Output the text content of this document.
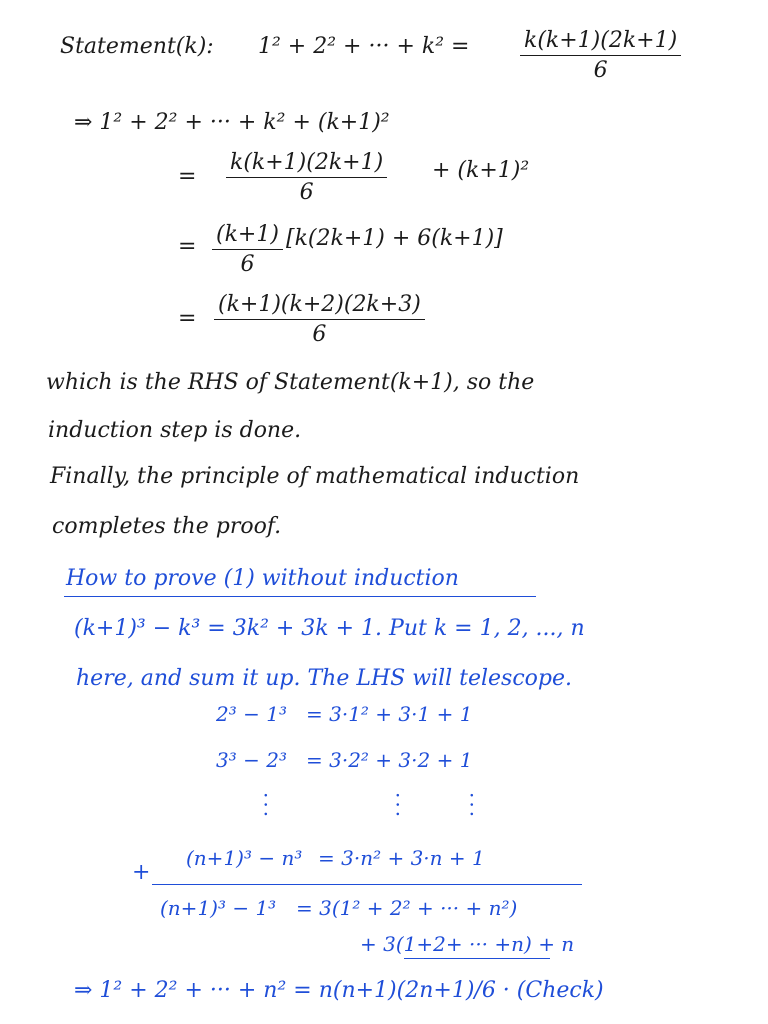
Statement(k): 1² + 2² + ··· + $k^2 = \frac{k(k+1)(2k+1)}{6}$
⇒ 1² + 2² + ··· + k² + (k+1)²
= $\frac{k(k+1)(2k+1)}{6} + (k+1)^2$
= $\frac{(k+1)}{6} [k(2k+1) + 6(k+1)]$
= $\frac{(k+1)(k+2)(2k+3)}{6}$
which is the RHS of Statement(k+1), so the
induction step is done.
Finally, the principle of mathematical induction
completes the proof.
How to prove (1) without induction
(k+1)³ − k³ = 3k² + 3k + 1. Put k = 1, 2, ..., n
here, and sum it up. The LHS will telescope.
2³ − 1³ = 3·1² + 3·1 + 1
3³ − 2³ = 3·2² + 3·2 + 1
···	···	···
+
(n+1)³ − n³ = 3·n² + 3·n + 1
(n+1)³ − 1³ = 3(1² + 2² + ··· + n²)
+ 3(1+2+ ··· +n) + n
⇒ 1² + 2² + ··· + n² = n(n+1)(2n+1)/6 · (Check)
